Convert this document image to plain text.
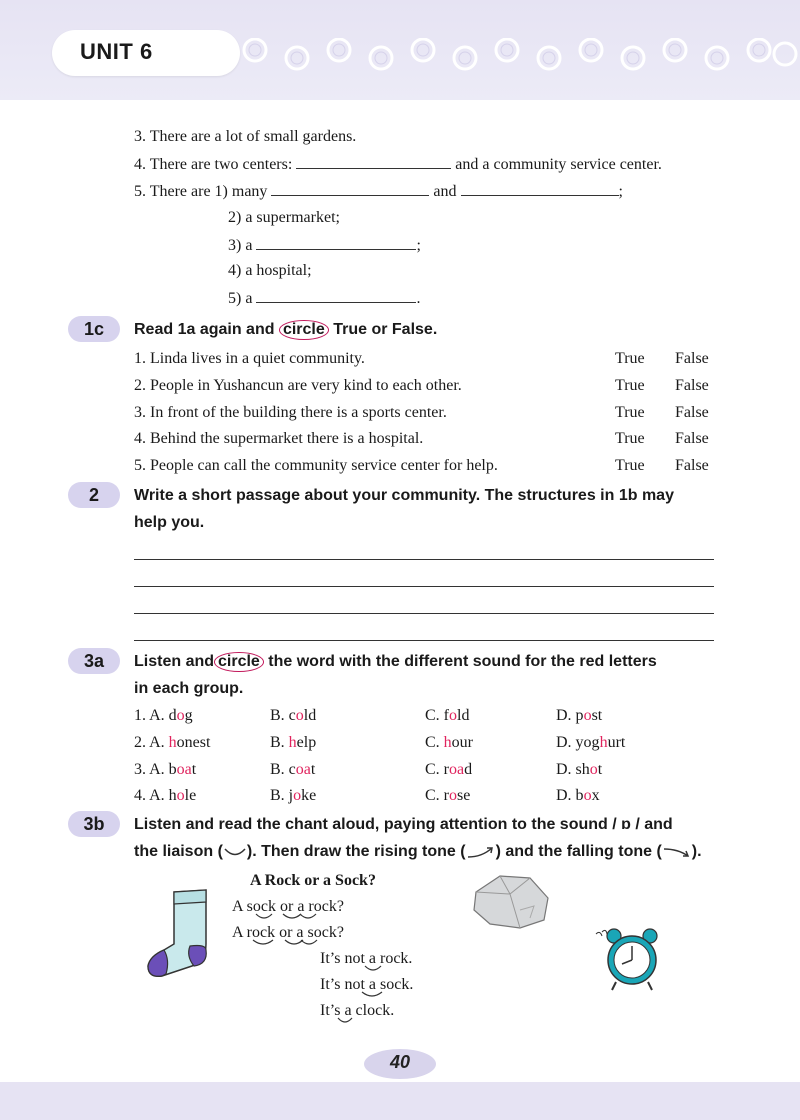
UNIT 6
3. There are a lot of small gardens.
4. There are two centers:	and a community service center.
5. There are 1) many	and	;
2) a supermarket;
3) a	;
4) a hospital;
5) a	.
1c	Read 1a again and circle True or False.
1. Linda lives in a quiet community.	True False
2. People in Yushancun are very kind to each other.	True False
3. In front of the building there is a sports center.	True False
4. Behind the supermarket there is a hospital.	True False
5. People can call the community service center for help.	True False
2	Write a short passage about your community. The structures in 1b may
help you.
3a	Listen and circle the word with the different sound for the red letters
in each group.
1. A. dog	B. cold	C. fold	D. post
2. A. honest	B. help	C. hour	D. yoghurt
3. A. boat	B. coat	C. road	D. shot
4. A. hole	B. joke	C. rose	D. box
3b	Listen and read the chant aloud, paying attention to the sound / ɒ / and
the liaison ( ). Then draw the rising tone ( ) and the falling tone ( ).
A Rock or a Sock?
A sock or a rock?
A rock or a sock?
It’s not a rock.
It’s not a sock.
It’s a clock.
40
